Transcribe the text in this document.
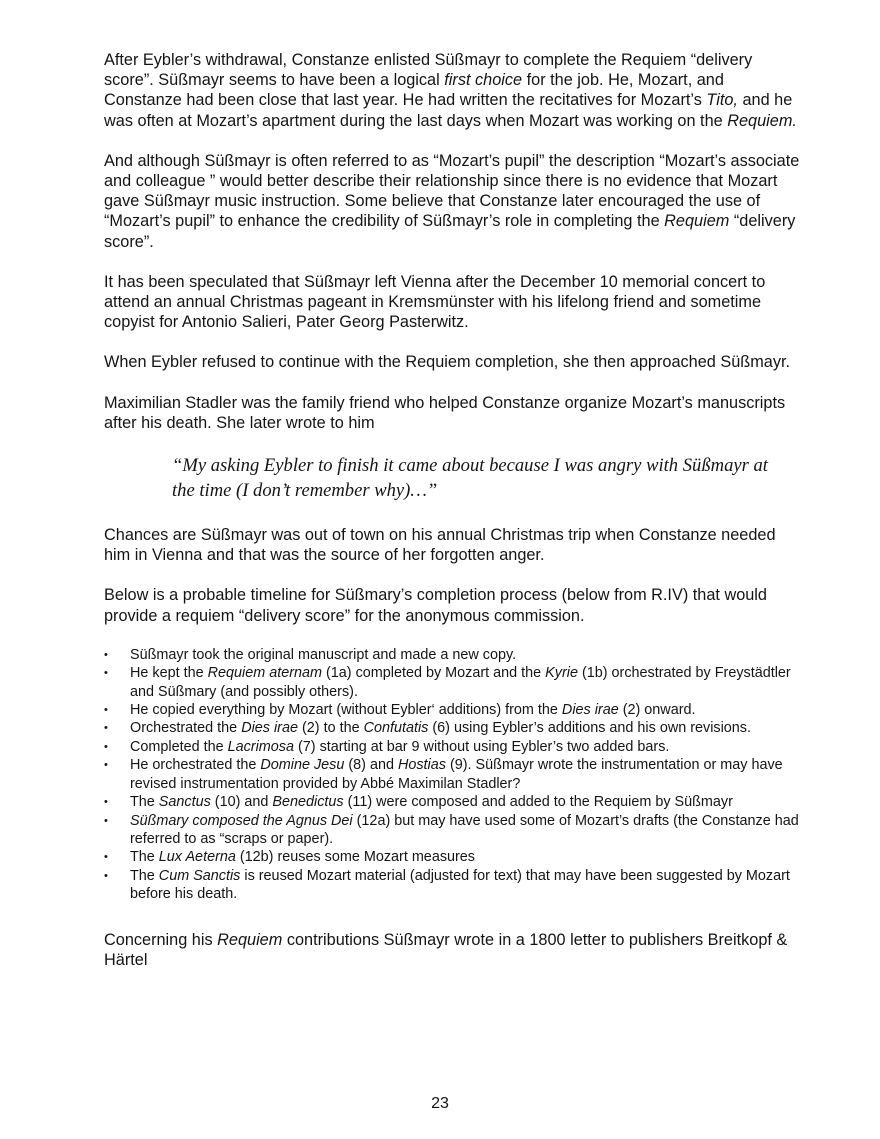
After Eybler’s withdrawal, Constanze enlisted Süßmayr to complete the Requiem “delivery score”. Süßmayr seems to have been a logical first choice for the job. He, Mozart, and Constanze had been close that last year. He had written the recitatives for Mozart’s Tito, and he was often at Mozart’s apartment during the last days when Mozart was working on the Requiem.

And although Süßmayr is often referred to as “Mozart’s pupil” the description “Mozart’s associate and colleague ” would better describe their relationship since there is no evidence that Mozart gave Süßmayr music instruction. Some believe that Constanze later encouraged the use of “Mozart’s pupil” to enhance the credibility of Süßmayr’s role in completing the Requiem “delivery score”.

It has been speculated that Süßmayr left Vienna after the December 10 memorial concert to attend an annual Christmas pageant in Kremsmünster with his lifelong friend and sometime copyist for Antonio Salieri, Pater Georg Pasterwitz.

When Eybler refused to continue with the Requiem completion, she then approached Süßmayr.

Maximilian Stadler was the family friend who helped Constanze organize Mozart’s manuscripts after his death. She later wrote to him

“My asking Eybler to finish it came about because I was angry with Süßmayr at the time (I don’t remember why)…”

Chances are Süßmayr was out of town on his annual Christmas trip when Constanze needed him in Vienna and that was the source of her forgotten anger.

Below is a probable timeline for Süßmary’s completion process (below from R.IV) that would provide a requiem “delivery score” for the anonymous commission.

• Süßmayr took the original manuscript and made a new copy.
• He kept the Requiem aternam (1a) completed by Mozart and the Kyrie (1b) orchestrated by Freystädtler and Süßmary (and possibly others).
• He copied everything by Mozart (without Eybler‘ additions) from the Dies irae (2) onward.
• Orchestrated the Dies irae (2) to the Confutatis (6) using Eybler’s additions and his own revisions.
• Completed the Lacrimosa (7) starting at bar 9 without using Eybler’s two added bars.
• He orchestrated the Domine Jesu (8) and Hostias (9). Süßmayr wrote the instrumentation or may have revised instrumentation provided by Abbé Maximilan Stadler?
• The Sanctus (10) and Benedictus (11) were composed and added to the Requiem by Süßmayr
• Süßmary composed the Agnus Dei (12a) but may have used some of Mozart’s drafts (the Constanze had referred to as “scraps or paper).
• The Lux Aeterna (12b) reuses some Mozart measures
• The Cum Sanctis is reused Mozart material (adjusted for text) that may have been suggested by Mozart before his death.

Concerning his Requiem contributions Süßmayr wrote in a 1800 letter to publishers Breitkopf & Härtel

23
